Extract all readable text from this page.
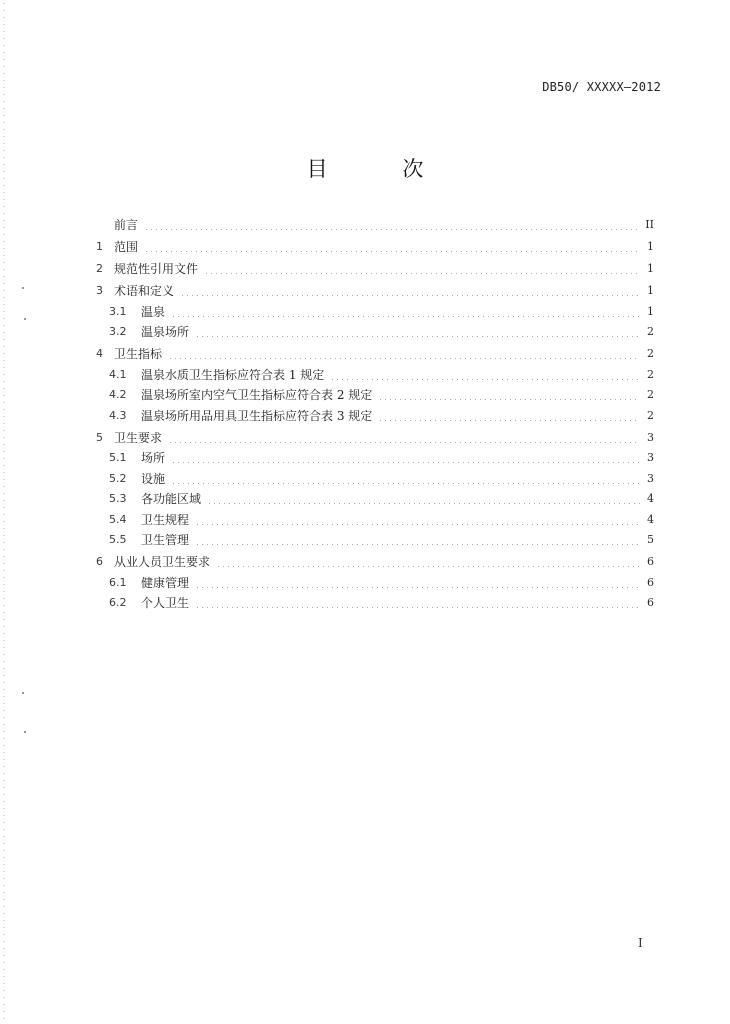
DB50/ XXXXX—2012
目 次
前言	II
1 范围	1
2 规范性引用文件	1
3 术语和定义	1
3.1	温泉	1
3.2	温泉场所	2
4 卫生指标	2
4.1	温泉水质卫生指标应符合表 1 规定	2
4.2	温泉场所室内空气卫生指标应符合表 2 规定	2
4.3	温泉场所用品用具卫生指标应符合表 3 规定	2
5 卫生要求	3
5.1	场所	3
5.2	设施	3
5.3	各功能区域	4
5.4	卫生规程	4
5.5	卫生管理	5
6 从业人员卫生要求	6
6.1	健康管理	6
6.2	个人卫生	6
I
